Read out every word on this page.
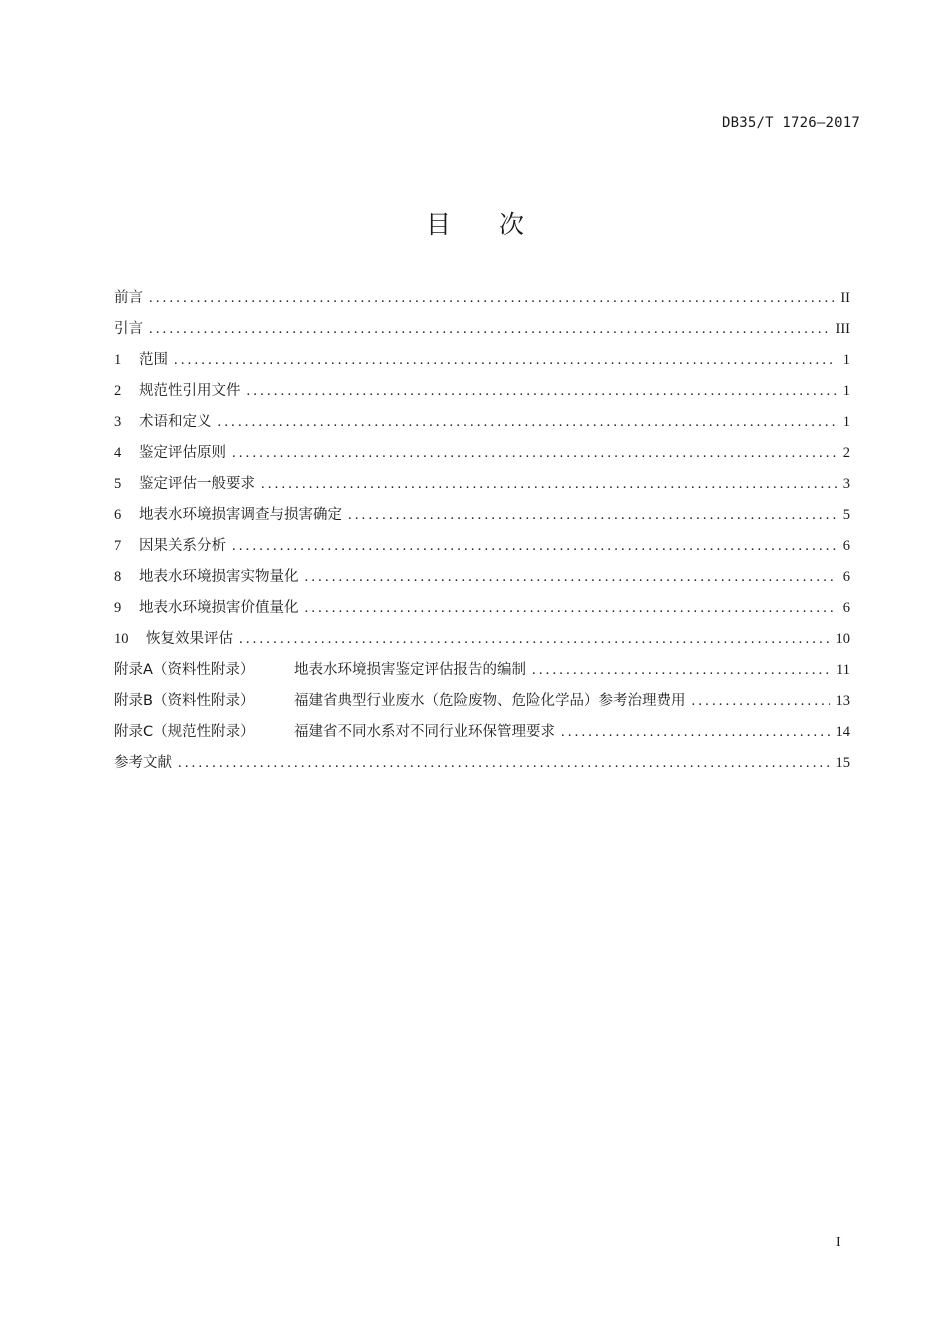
DB35/T 1726—2017
目次
前言 .....	II
引言 .....	III
1 范围 .....	1
2 规范性引用文件 .....	1
3 术语和定义 .....	1
4 鉴定评估原则 .....	2
5 鉴定评估一般要求 .....	3
6 地表水环境损害调查与损害确定 .....	5
7 因果关系分析 .....	6
8 地表水环境损害实物量化 .....	6
9 地表水环境损害价值量化 .....	6
10 恢复效果评估 .....	10
附录A（资料性附录）	地表水环境损害鉴定评估报告的编制 .....	11
附录B（资料性附录）	福建省典型行业废水（危险废物、危险化学品）参考治理费用 .....	13
附录C（规范性附录）	福建省不同水系对不同行业环保管理要求 .....	14
参考文献 .....	15
I
